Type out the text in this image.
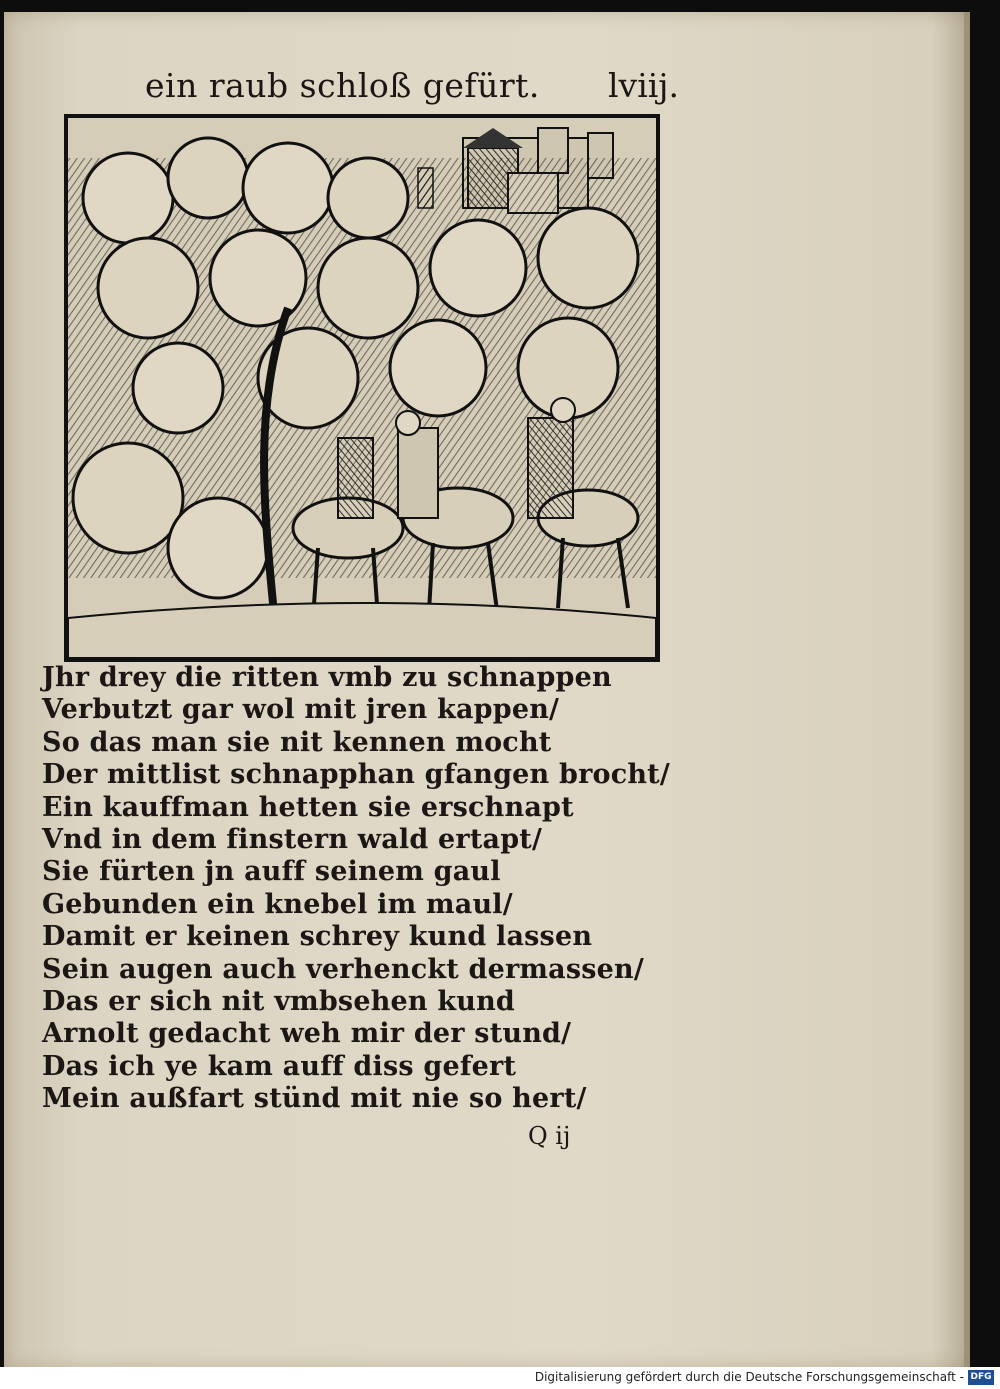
ein raub schloß gefürt. lviij.
Jhr drey die ritten vmb zu schnappen
Verbutzt gar wol mit jren kappen/
So das man sie nit kennen mocht
Der mittlist schnapphan gfangen brocht/
Ein kauffman hetten sie erschnapt
Vnd in dem finstern wald ertapt/
Sie fürten jn auff seinem gaul
Gebunden ein knebel im maul/
Damit er keinen schrey kund lassen
Sein augen auch verhenckt dermassen/
Das er sich nit vmbsehen kund
Arnolt gedacht weh mir der stund/
Das ich ye kam auff diss gefert
Mein außfart stünd mit nie so hert/
Q ij
Digitalisierung gefördert durch die Deutsche Forschungsgemeinschaft - DFG
